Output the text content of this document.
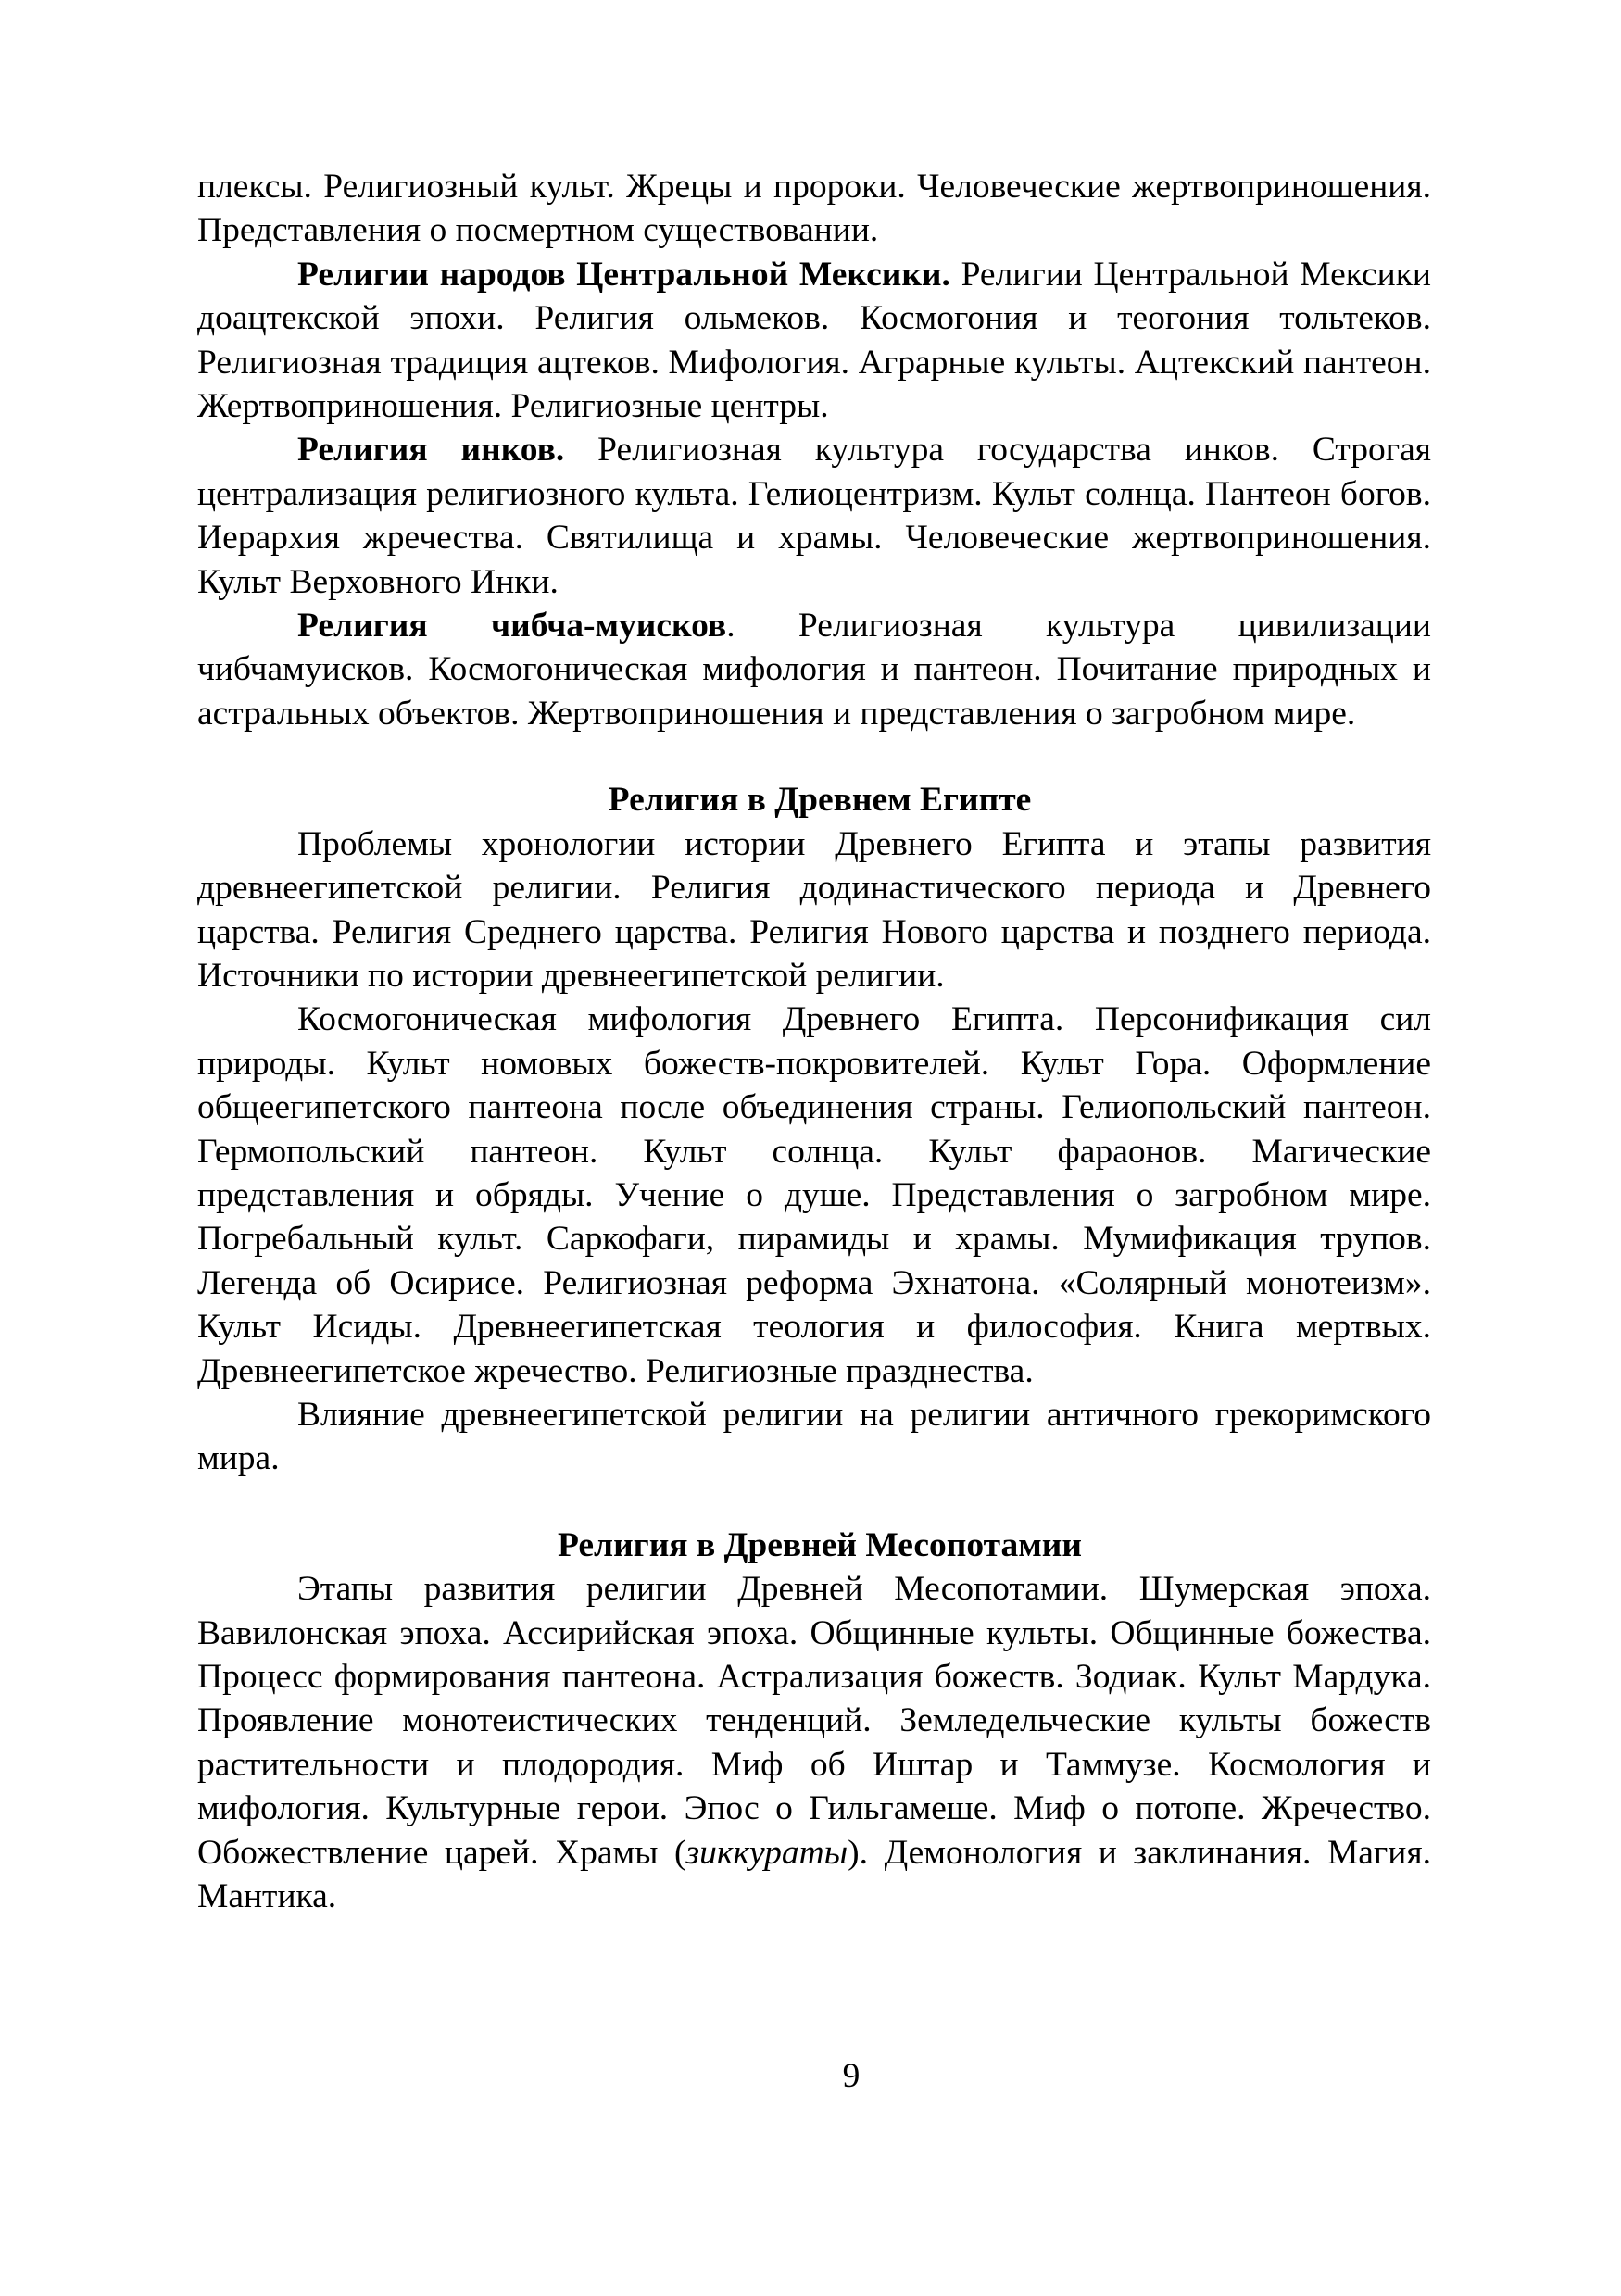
плексы. Религиозный культ. Жрецы и пророки. Человеческие жертвоприношения. Представления о посмертном существовании.

Религии народов Центральной Мексики. Религии Центральной Мексики доацтекской эпохи. Религия ольмеков. Космогония и теогония тольтеков. Религиозная традиция ацтеков. Мифология. Аграрные культы. Ацтекский пантеон. Жертвоприношения. Религиозные центры.

Религия инков. Религиозная культура государства инков. Строгая централизация религиозного культа. Гелиоцентризм. Культ солнца. Пантеон богов. Иерархия жречества. Святилища и храмы. Человеческие жертвоприношения. Культ Верховного Инки.

Религия чибча-муисков. Религиозная культура цивилизации чибчамуисков. Космогоническая мифология и пантеон. Почитание природных и астральных объектов. Жертвоприношения и представления о загробном мире.

Религия в Древнем Египте

Проблемы хронологии истории Древнего Египта и этапы развития древнеегипетской религии. Религия додинастического периода и Древнего царства. Религия Среднего царства. Религия Нового царства и позднего периода. Источники по истории древнеегипетской религии.

Космогоническая мифология Древнего Египта. Персонификация сил природы. Культ номовых божеств-покровителей. Культ Гора. Оформление общеегипетского пантеона после объединения страны. Гелиопольский пантеон. Гермопольский пантеон. Культ солнца. Культ фараонов. Магические представления и обряды. Учение о душе. Представления о загробном мире. Погребальный культ. Саркофаги, пирамиды и храмы. Мумификация трупов. Легенда об Осирисе. Религиозная реформа Эхнатона. «Солярный монотеизм». Культ Исиды. Древнеегипетская теология и философия. Книга мертвых. Древнеегипетское жречество. Религиозные празднества.

Влияние древнеегипетской религии на религии античного грекоримского мира.

Религия в Древней Месопотамии

Этапы развития религии Древней Месопотамии. Шумерская эпоха. Вавилонская эпоха. Ассирийская эпоха. Общинные культы. Общинные божества. Процесс формирования пантеона. Астрализация божеств. Зодиак. Культ Мардука. Проявление монотеистических тенденций. Земледельческие культы божеств растительности и плодородия. Миф об Иштар и Таммузе. Космология и мифология. Культурные герои. Эпос о Гильгамеше. Миф о потопе. Жречество. Обожествление царей. Храмы (зиккураты). Демонология и заклинания. Магия. Мантика.

9
